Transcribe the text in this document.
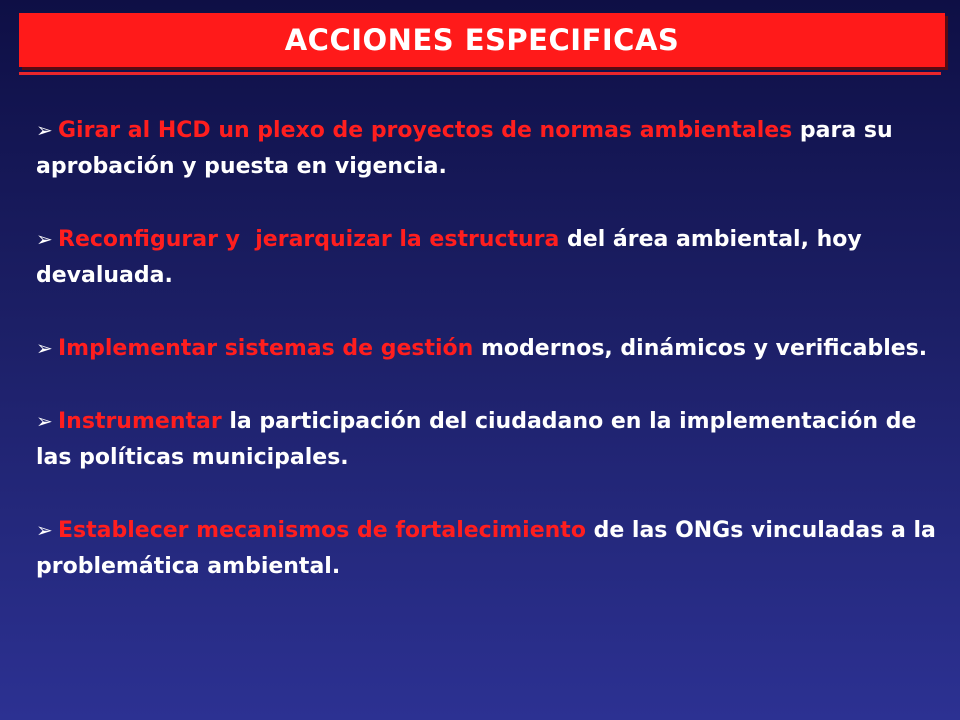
ACCIONES ESPECIFICAS
➢ Girar al HCD un plexo de proyectos de normas ambientales para su aprobación y puesta en vigencia.
➢ Reconfigurar y  jerarquizar la estructura del área ambiental, hoy devaluada.
➢ Implementar sistemas de gestión modernos, dinámicos y verificables.
➢ Instrumentar la participación del ciudadano en la implementación de las políticas municipales.
➢ Establecer mecanismos de fortalecimiento de las ONGs vinculadas a la problemática ambiental.
